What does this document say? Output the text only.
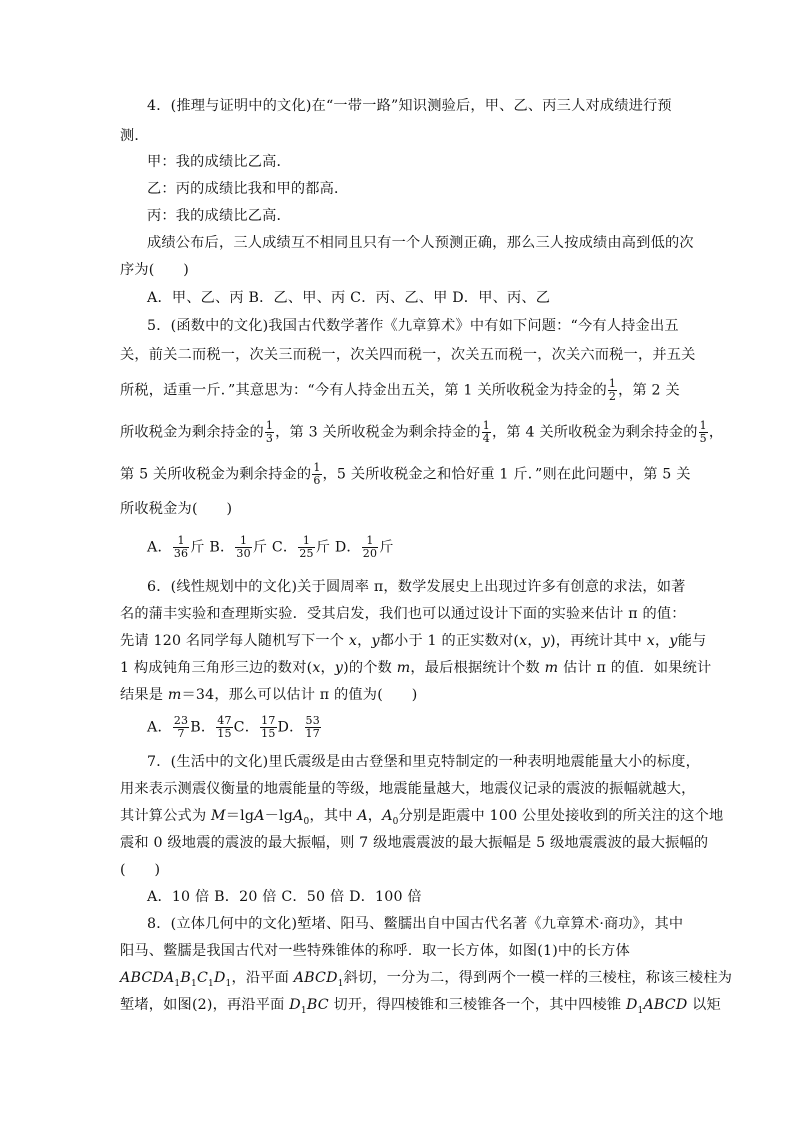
4．(推理与证明中的文化)在“一带一路”知识测验后，甲、乙、丙三人对成绩进行预
测．
甲：我的成绩比乙高．
乙：丙的成绩比我和甲的都高．
丙：我的成绩比乙高．
成绩公布后，三人成绩互不相同且只有一个人预测正确，那么三人按成绩由高到低的次
序为(　　)
A．甲、乙、丙 B．乙、甲、丙 C．丙、乙、甲 D．甲、丙、乙
5．(函数中的文化)我国古代数学著作《九章算术》中有如下问题：“今有人持金出五
关，前关二而税一，次关三而税一，次关四而税一，次关五而税一，次关六而税一，并五关
所税，适重一斤．”其意思为：“今有人持金出五关，第 1 关所收税金为持金的 $\frac{1}{2}$ ，第 2 关
所收税金为剩余持金的 $\frac{1}{3}$ ，第 3 关所收税金为剩余持金的 $\frac{1}{4}$ ，第 4 关所收税金为剩余持金的 $\frac{1}{5}$ ，
第 5 关所收税金为剩余持金的 $\frac{1}{6}$ ，5 关所收税金之和恰好重 1 斤．”则在此问题中，第 5 关
所收税金为(　　)
A． $\frac{1}{36}$ 斤 B． $\frac{1}{30}$ 斤 C． $\frac{1}{25}$ 斤 D． $\frac{1}{20}$ 斤
6．(线性规划中的文化)关于圆周率 π，数学发展史上出现过许多有创意的求法，如著
名的蒲丰实验和查理斯实验．受其启发，我们也可以通过设计下面的实验来估计 π 的值：
先请 120 名同学每人随机写下一个 x，y都小于 1 的正实数对(x，y)，再统计其中 x，y能与
1 构成钝角三角形三边的数对(x，y)的个数 m，最后根据统计个数 m 估计 π 的值．如果统计
结果是 m＝34，那么可以估计 π 的值为(　　)
A． $\frac{23}{7}$ B． $\frac{47}{15}$ C． $\frac{17}{15}$ D． $\frac{53}{17}$
7．(生活中的文化)里氏震级是由古登堡和里克特制定的一种表明地震能量大小的标度，
用来表示测震仪衡量的地震能量的等级，地震能量越大，地震仪记录的震波的振幅就越大，
其计算公式为 M＝lgA－lgA$_0$，其中 A，$A_0$分别是距震中 100 公里处接收到的所关注的这个地
震和 0 级地震的震波的最大振幅，则 7 级地震震波的最大振幅是 5 级地震震波的最大振幅的
(　　)
A．10 倍 B．20 倍 C．50 倍 D．100 倍
8．(立体几何中的文化)堑堵、阳马、鳖臑出自中国古代名著《九章算术·商功》，其中
阳马、鳖臑是我国古代对一些特殊锥体的称呼．取一长方体，如图(1)中的长方体
$ABCDA_1B_1C_1D_1$，沿平面 $ABCD_1$斜切，一分为二，得到两个一模一样的三棱柱，称该三棱柱为
堑堵，如图(2)，再沿平面 $D_1BC$ 切开，得四棱锥和三棱锥各一个，其中四棱锥 $D_1ABCD$ 以矩
